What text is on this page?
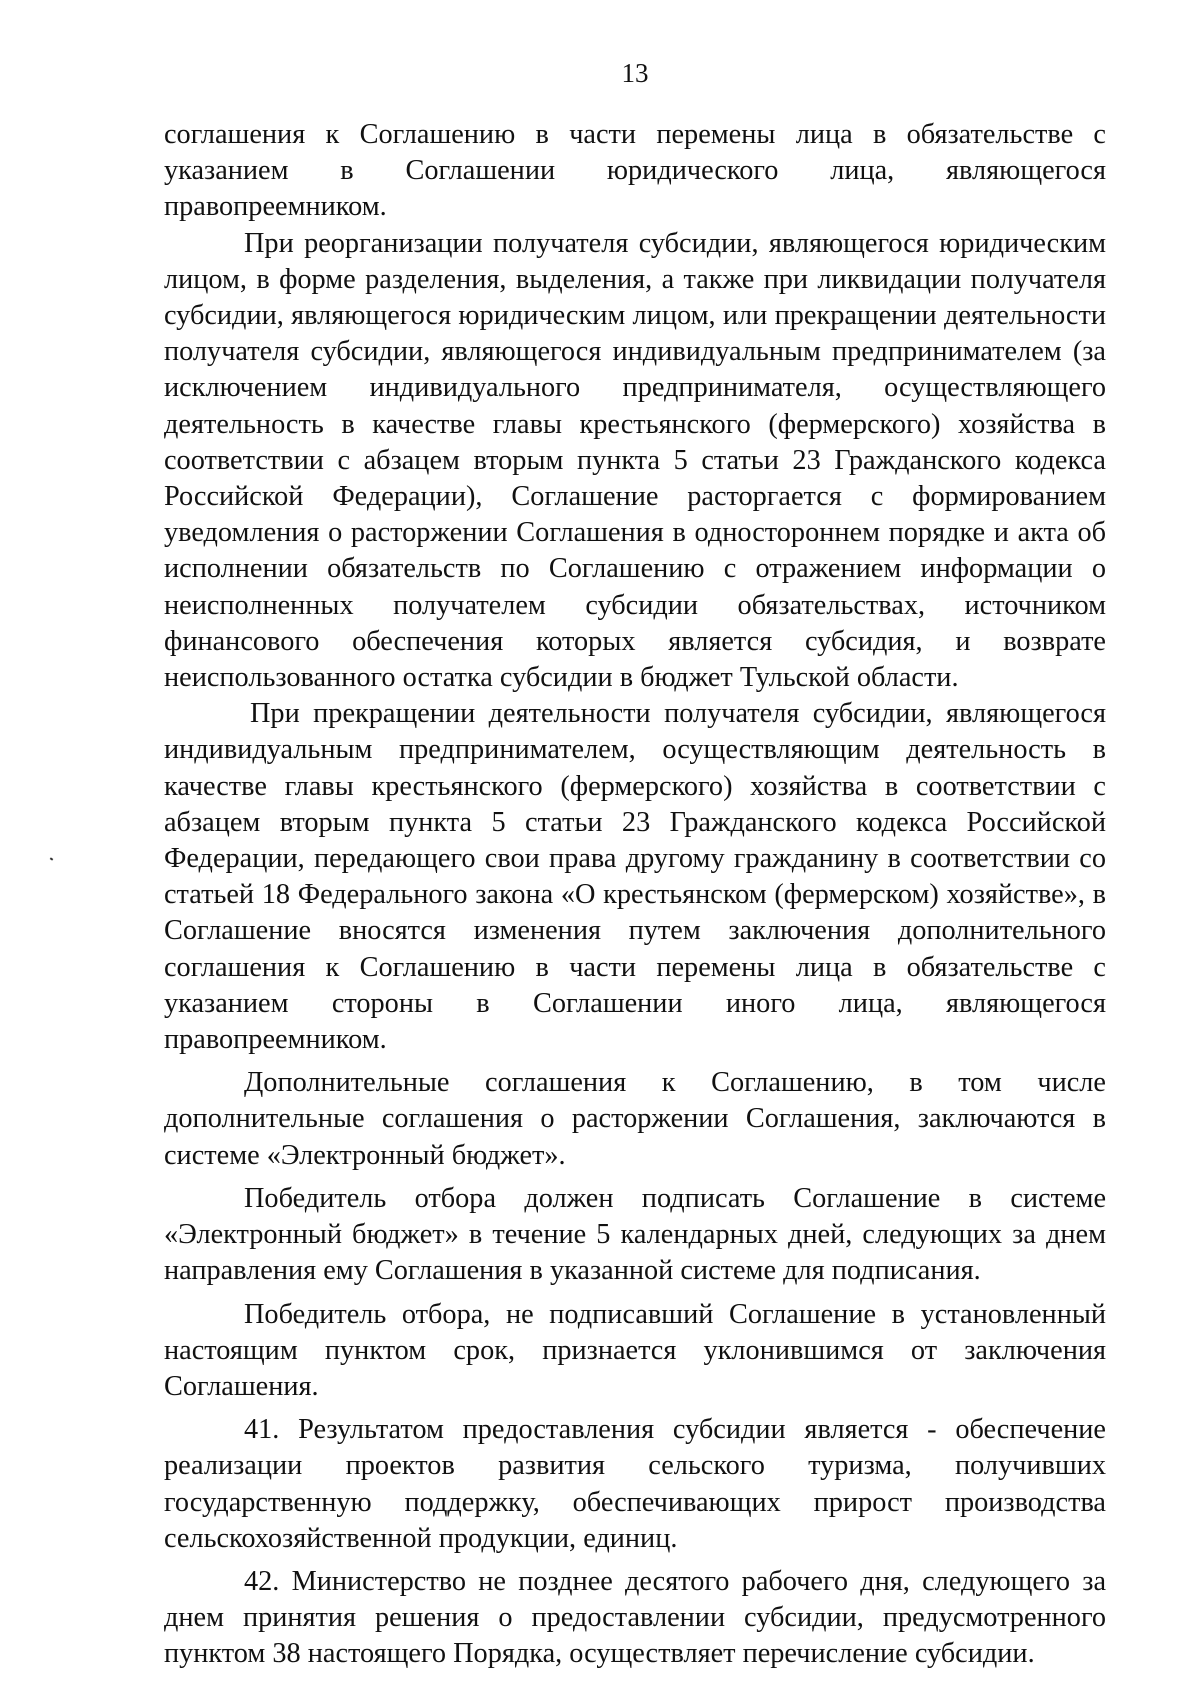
13

соглашения к Соглашению в части перемены лица в обязательстве с указанием в Соглашении юридического лица, являющегося правопреемником.

При реорганизации получателя субсидии, являющегося юридическим лицом, в форме разделения, выделения, а также при ликвидации получателя субсидии, являющегося юридическим лицом, или прекращении деятельности получателя субсидии, являющегося индивидуальным предпринимателем (за исключением индивидуального предпринимателя, осуществляющего деятельность в качестве главы крестьянского (фермерского) хозяйства в соответствии с абзацем вторым пункта 5 статьи 23 Гражданского кодекса Российской Федерации), Соглашение расторгается с формированием уведомления о расторжении Соглашения в одностороннем порядке и акта об исполнении обязательств по Соглашению с отражением информации о неисполненных получателем субсидии обязательствах, источником финансового обеспечения которых является субсидия, и возврате неиспользованного остатка субсидии в бюджет Тульской области.

При прекращении деятельности получателя субсидии, являющегося индивидуальным предпринимателем, осуществляющим деятельность в качестве главы крестьянского (фермерского) хозяйства в соответствии с абзацем вторым пункта 5 статьи 23 Гражданского кодекса Российской Федерации, передающего свои права другому гражданину в соответствии со статьей 18 Федерального закона «О крестьянском (фермерском) хозяйстве», в Соглашение вносятся изменения путем заключения дополнительного соглашения к Соглашению в части перемены лица в обязательстве с указанием стороны в Соглашении иного лица, являющегося правопреемником.

Дополнительные соглашения к Соглашению, в том числе дополнительные соглашения о расторжении Соглашения, заключаются в системе «Электронный бюджет».

Победитель отбора должен подписать Соглашение в системе «Электронный бюджет» в течение 5 календарных дней, следующих за днем направления ему Соглашения в указанной системе для подписания.

Победитель отбора, не подписавший Соглашение в установленный настоящим пунктом срок, признается уклонившимся от заключения Соглашения.

41. Результатом предоставления субсидии является - обеспечение реализации проектов развития сельского туризма, получивших государственную поддержку, обеспечивающих прирост производства сельскохозяйственной продукции, единиц.

42. Министерство не позднее десятого рабочего дня, следующего за днем принятия решения о предоставлении субсидии, предусмотренного пунктом 38 настоящего Порядка, осуществляет перечисление субсидии.
